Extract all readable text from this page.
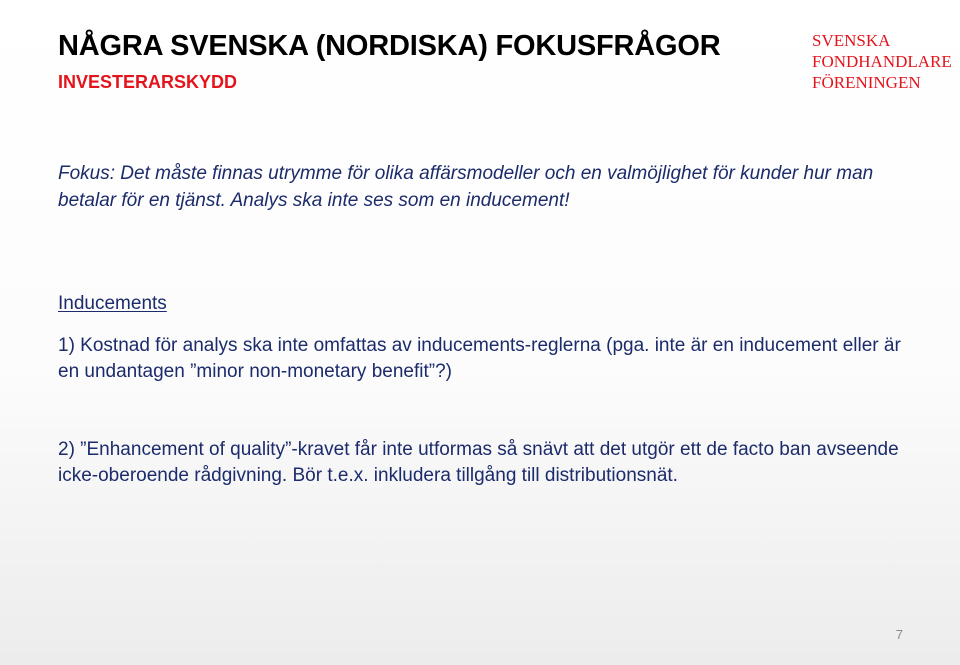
NÅGRA SVENSKA (NORDISKA) FOKUSFRÅGOR
INVESTERARSKYDD
SVENSKA
FONDHANDLARE
FÖRENINGEN
Fokus: Det måste finnas utrymme för olika affärsmodeller och en valmöjlighet för kunder hur man betalar för en tjänst. Analys ska inte ses som en inducement!
Inducements
1) Kostnad för analys ska inte omfattas av inducements-reglerna (pga. inte är en inducement eller är en undantagen ”minor non-monetary benefit”?)
2) ”Enhancement of quality”-kravet får inte utformas så snävt att det utgör ett de facto ban avseende icke-oberoende rådgivning. Bör t.e.x. inkludera tillgång till distributionsnät.
7
